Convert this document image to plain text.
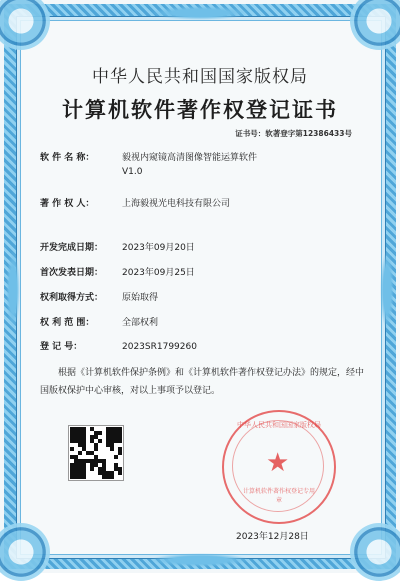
中华人民共和国国家版权局
计算机软件著作权登记证书
证书号：软著登字第12386433号
软 件 名 称：	毅视内窥镜高清图像智能运算软件
V1.0
著 作 权 人：	上海毅视光电科技有限公司
开发完成日期： 2023年09月20日
首次发表日期： 2023年09月25日
权利取得方式： 原始取得
权 利 范 围：	全部权利
登 记 号：	2023SR1799260
根据《计算机软件保护条例》和《计算机软件著作权登记办法》的规定，经中国版权保护中心审核，对以上事项予以登记。
中华人民共和国国家版权局
★
计算机软件著作权登记专用章
2023年12月28日
